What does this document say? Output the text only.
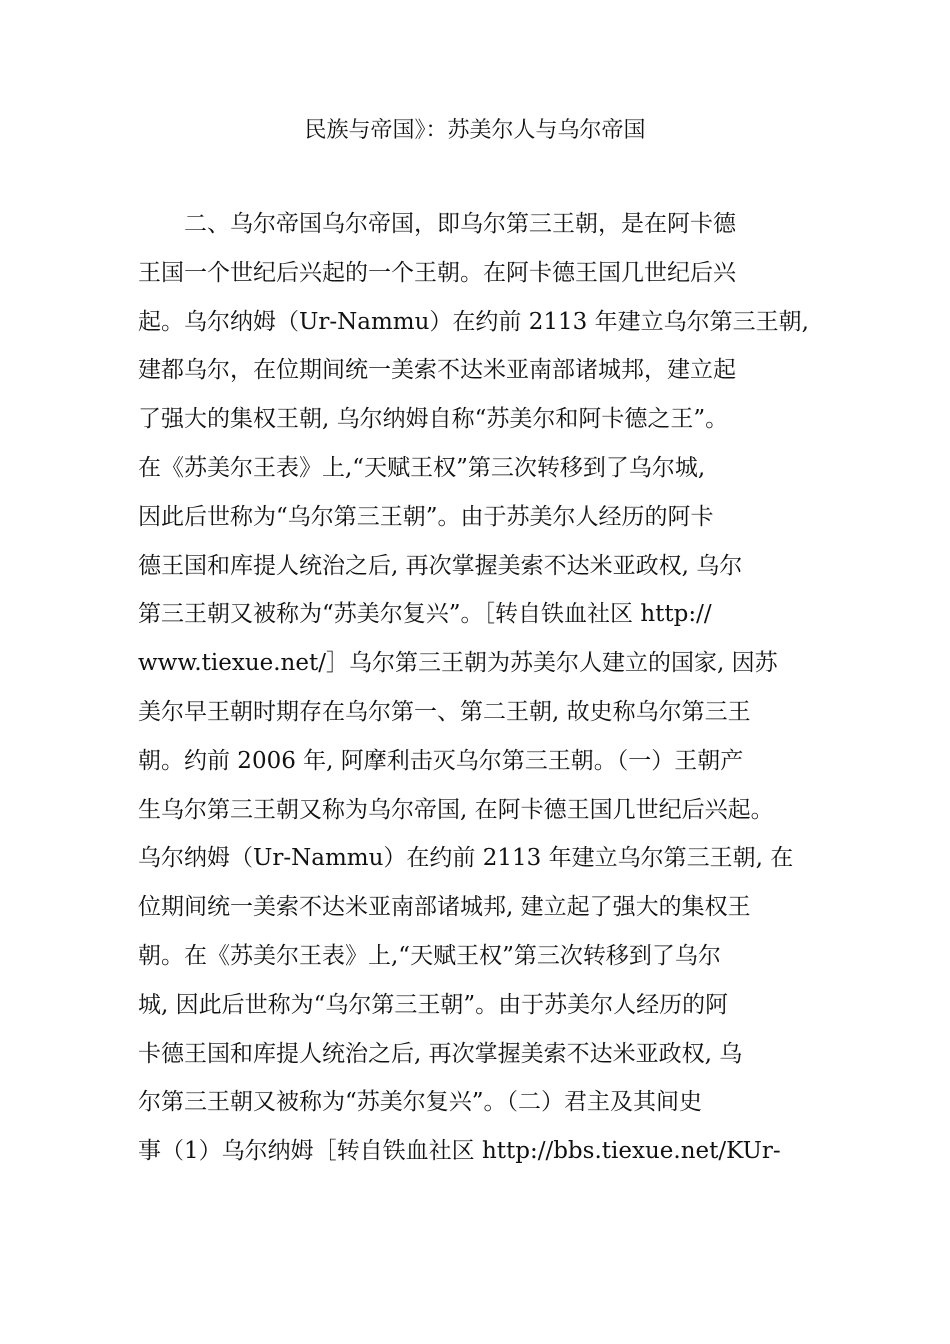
民族与帝国》：苏美尔人与乌尔帝国
　　二、乌尔帝国乌尔帝国，即乌尔第三王朝，是在阿卡德
王国一个世纪后兴起的一个王朝。在阿卡德王国几世纪后兴
起。乌尔纳姆（Ur-Nammu）在约前 2113 年建立乌尔第三王朝,
建都乌尔，在位期间统一美索不达米亚南部诸城邦，建立起
了强大的集权王朝, 乌尔纳姆自称“苏美尔和阿卡德之王”。
在《苏美尔王表》上,“天赋王权”第三次转移到了乌尔城,
因此后世称为“乌尔第三王朝”。由于苏美尔人经历的阿卡
德王国和库提人统治之后, 再次掌握美索不达米亚政权, 乌尔
第三王朝又被称为“苏美尔复兴”。［转自铁血社区 http://
www.tiexue.net/］乌尔第三王朝为苏美尔人建立的国家, 因苏
美尔早王朝时期存在乌尔第一、第二王朝, 故史称乌尔第三王
朝。约前 2006 年, 阿摩利击灭乌尔第三王朝。（一）王朝产
生乌尔第三王朝又称为乌尔帝国, 在阿卡德王国几世纪后兴起。
乌尔纳姆（Ur-Nammu）在约前 2113 年建立乌尔第三王朝, 在
位期间统一美索不达米亚南部诸城邦, 建立起了强大的集权王
朝。在《苏美尔王表》上,“天赋王权”第三次转移到了乌尔
城, 因此后世称为“乌尔第三王朝”。由于苏美尔人经历的阿
卡德王国和库提人统治之后, 再次掌握美索不达米亚政权, 乌
尔第三王朝又被称为“苏美尔复兴”。（二）君主及其间史
事（1）乌尔纳姆［转自铁血社区 http://bbs.tiexue.net/KUr-
